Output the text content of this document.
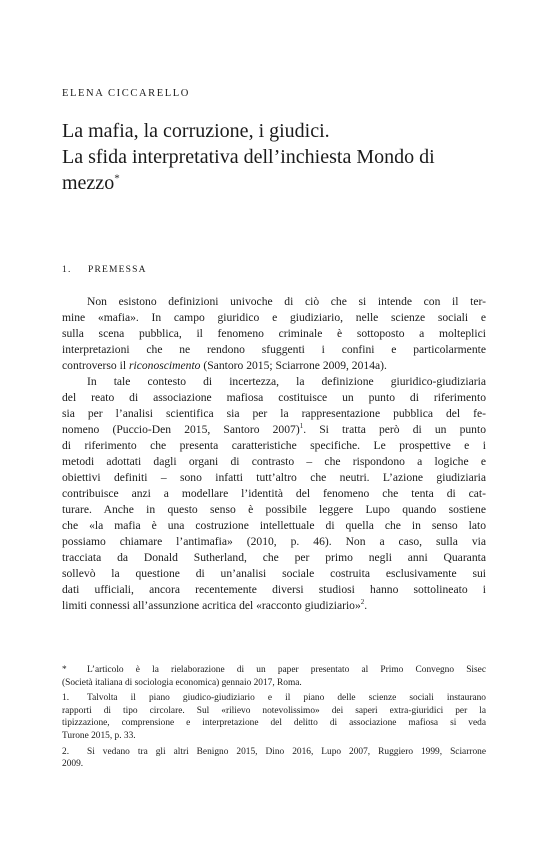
ELENA CICCARELLO
La mafia, la corruzione, i giudici.
La sfida interpretativa dell’inchiesta Mondo di
mezzo*
1. PREMESSA
Non esistono definizioni univoche di ciò che si intende con il ter-
mine «mafia». In campo giuridico e giudiziario, nelle scienze sociali e
sulla scena pubblica, il fenomeno criminale è sottoposto a molteplici
interpretazioni che ne rendono sfuggenti i confini e particolarmente
controverso il riconoscimento (Santoro 2015; Sciarrone 2009, 2014a).
In tale contesto di incertezza, la definizione giuridico-giudiziaria
del reato di associazione mafiosa costituisce un punto di riferimento
sia per l’analisi scientifica sia per la rappresentazione pubblica del fe-
nomeno (Puccio-Den 2015, Santoro 2007)$^1$. Si tratta però di un punto
di riferimento che presenta caratteristiche specifiche. Le prospettive e i
metodi adottati dagli organi di contrasto – che rispondono a logiche e
obiettivi definiti – sono infatti tutt’altro che neutri. L’azione giudiziaria
contribuisce anzi a modellare l’identità del fenomeno che tenta di cat-
turare. Anche in questo senso è possibile leggere Lupo quando sostiene
che «la mafia è una costruzione intellettuale di quella che in senso lato
possiamo chiamare l’antimafia» (2010, p. 46). Non a caso, sulla via
tracciata da Donald Sutherland, che per primo negli anni Quaranta
sollevò la questione di un’analisi sociale costruita esclusivamente sui
dati ufficiali, ancora recentemente diversi studiosi hanno sottolineato i
limiti connessi all’assunzione acritica del «racconto giudiziario»$^2$.
*	L’articolo è la rielaborazione di un paper presentato al Primo Convegno Sisec
(Società italiana di sociologia economica) gennaio 2017, Roma.
1.	Talvolta il piano giudico-giudiziario e il piano delle scienze sociali instaurano
rapporti di tipo circolare. Sul «rilievo notevolissimo» dei saperi extra-giuridici per la
tipizzazione, comprensione e interpretazione del delitto di associazione mafiosa si veda
Turone 2015, p. 33.
2.	Si vedano tra gli altri Benigno 2015, Dino 2016, Lupo 2007, Ruggiero 1999, Sciarrone
2009.
